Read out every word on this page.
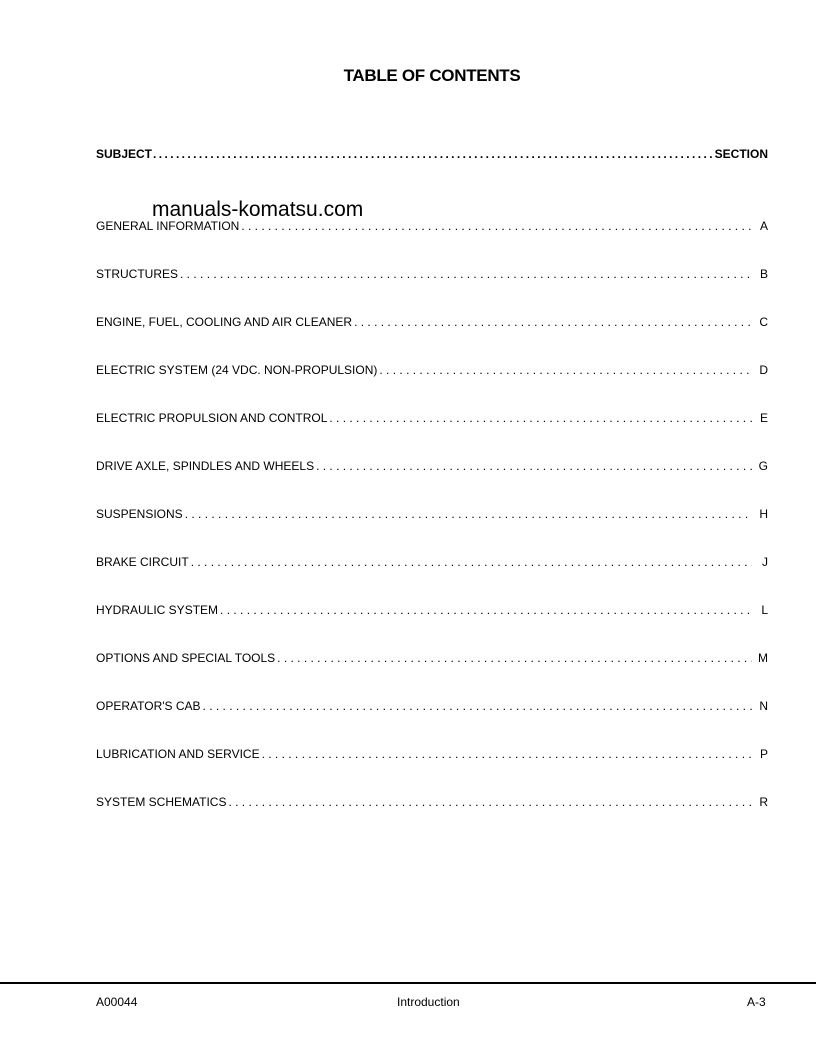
TABLE OF CONTENTS
SUBJECT .....	SECTION
manuals-komatsu.com
GENERAL INFORMATION . . .	A
STRUCTURES . . .	B
ENGINE, FUEL, COOLING AND AIR CLEANER . . .	C
ELECTRIC SYSTEM (24 VDC. NON-PROPULSION) . . .	D
ELECTRIC PROPULSION AND CONTROL . . .	E
DRIVE AXLE, SPINDLES AND WHEELS . . .	G
SUSPENSIONS . . .	H
BRAKE CIRCUIT . . .	J
HYDRAULIC SYSTEM . . .	L
OPTIONS AND SPECIAL TOOLS . . .	M
OPERATOR'S CAB . . .	N
LUBRICATION AND SERVICE . . .	P
SYSTEM SCHEMATICS . . .	R
A00044	Introduction	A-3
